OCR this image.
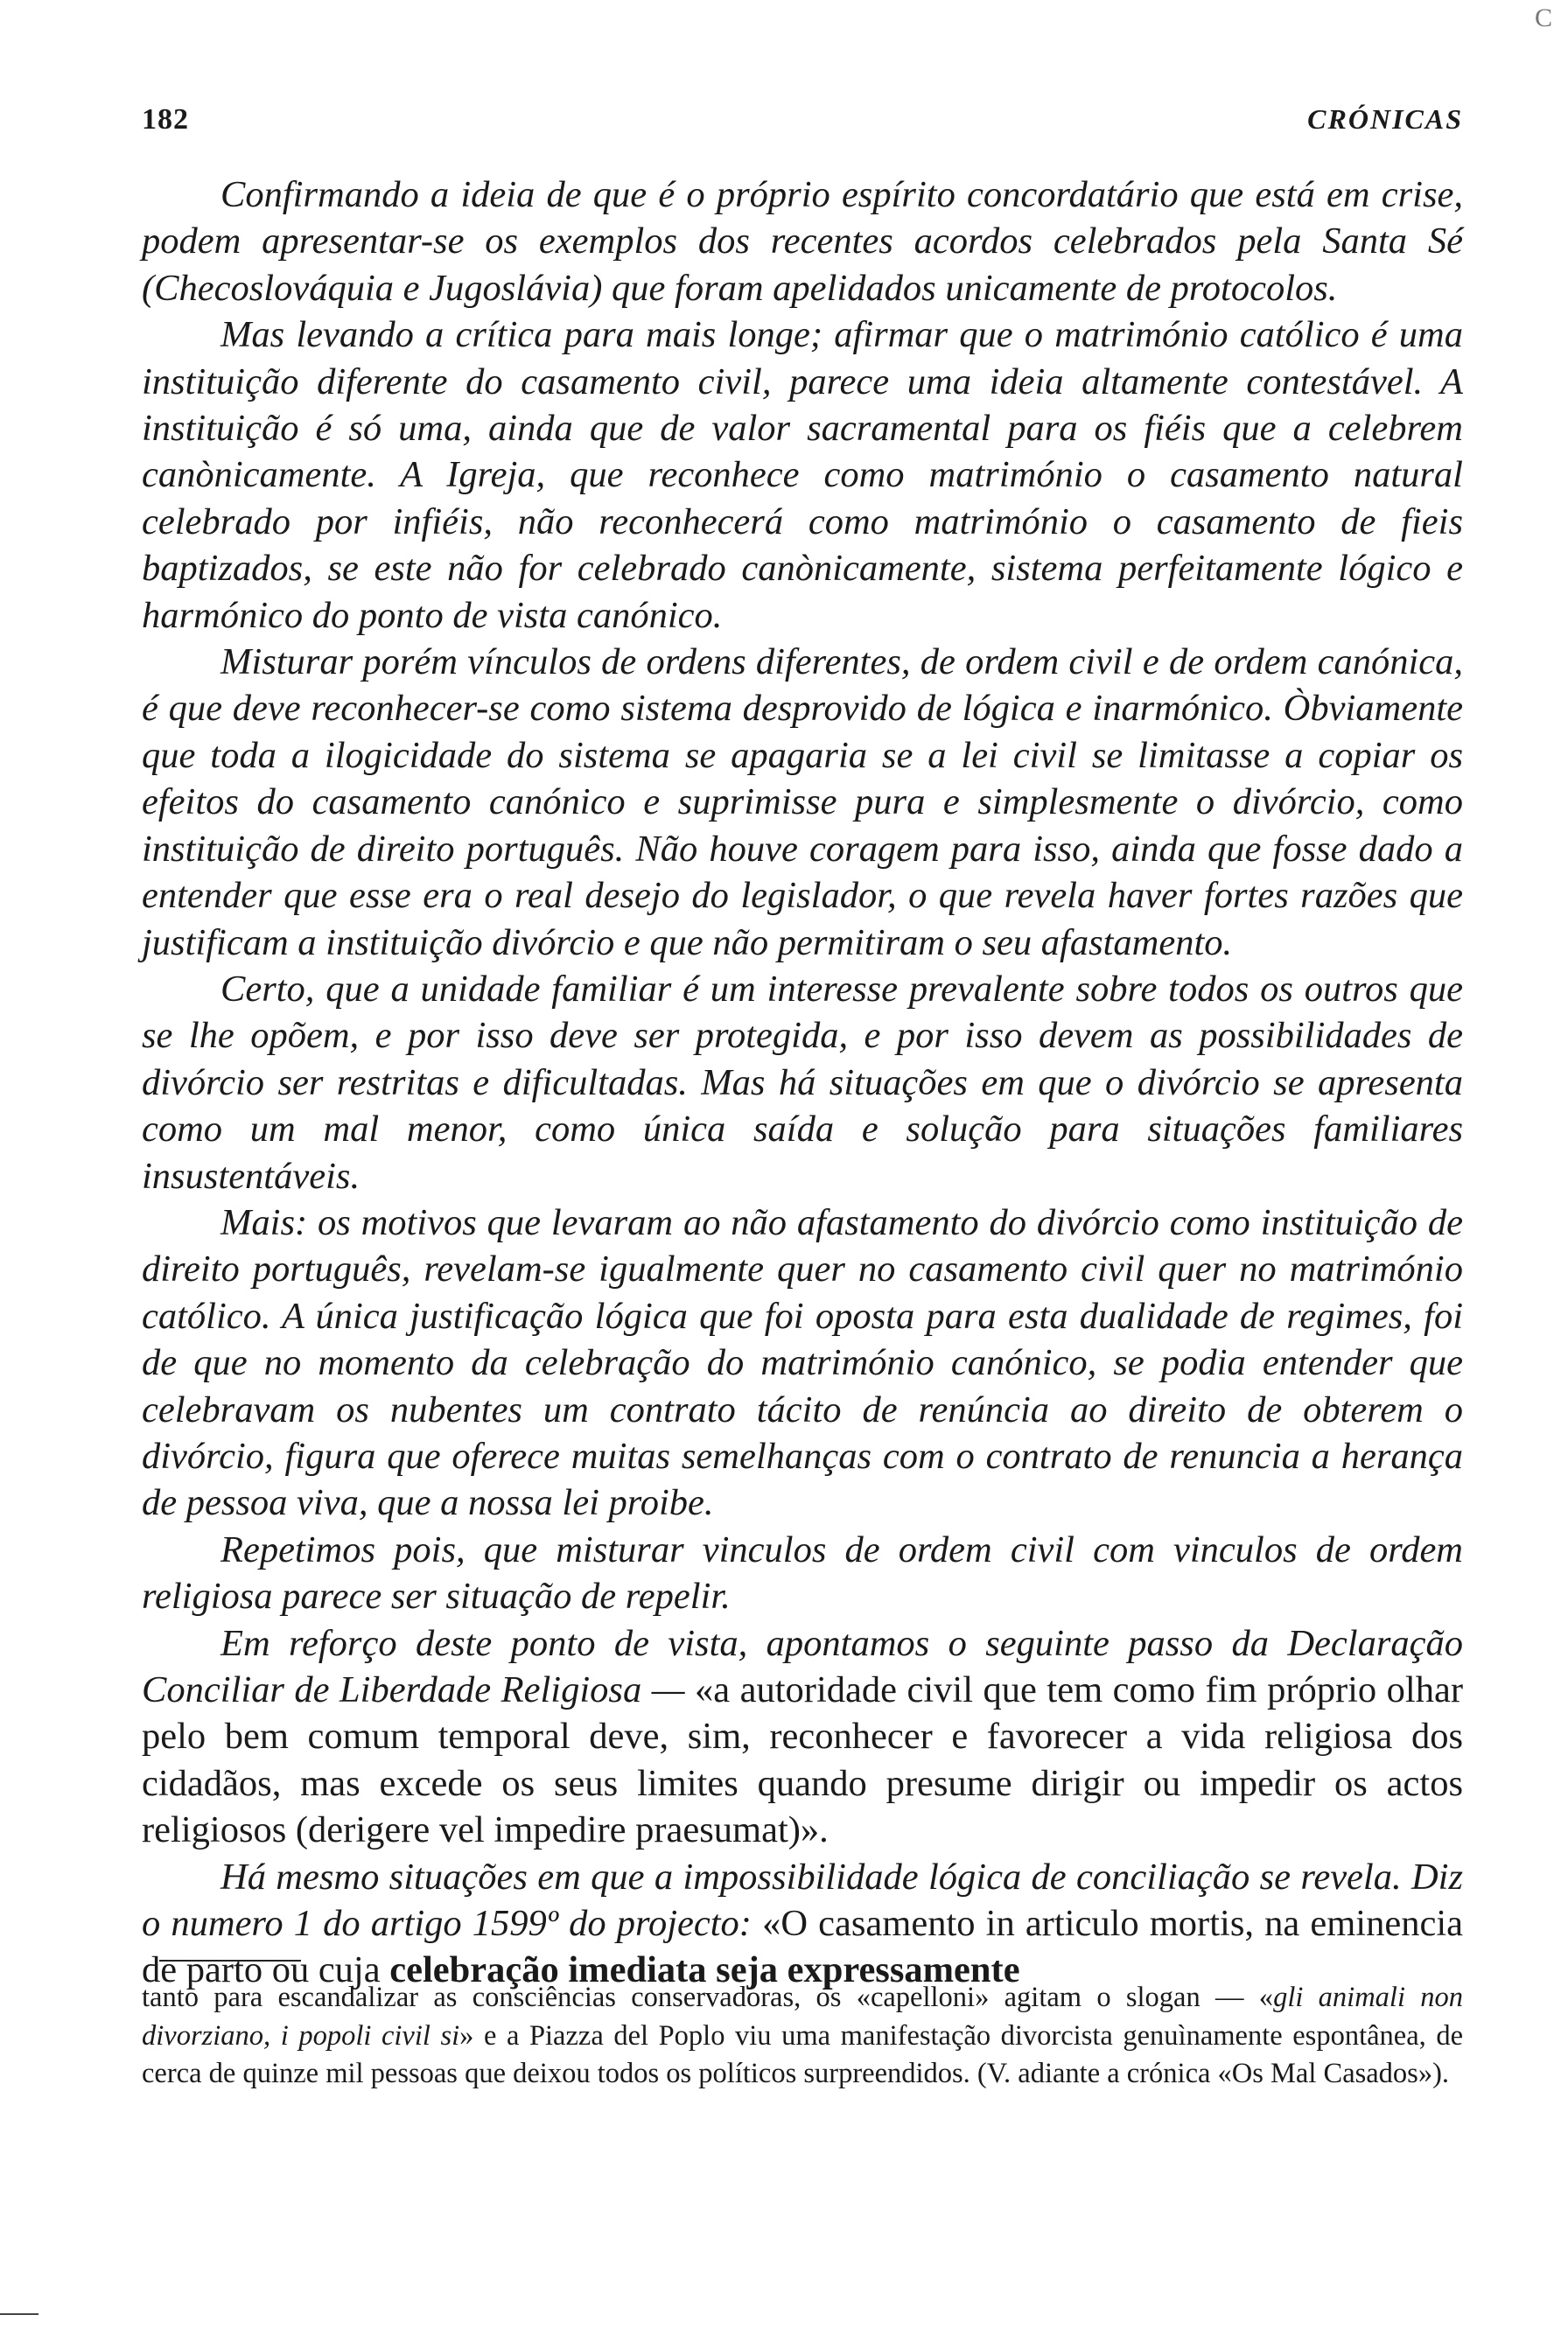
182	CRÓNICAS
C

Confirmando a ideia de que é o próprio espírito concordatário que está em crise, podem apresentar-se os exemplos dos recentes acordos celebrados pela Santa Sé (Checoslováquia e Jugoslávia) que foram apelidados unicamente de protocolos.

Mas levando a crítica para mais longe; afirmar que o matrimónio católico é uma instituição diferente do casamento civil, parece uma ideia altamente contestável. A instituição é só uma, ainda que de valor sacramental para os fiéis que a celebrem canònicamente. A Igreja, que reconhece como matrimónio o casamento natural celebrado por infiéis, não reconhecerá como matrimónio o casamento de fieis baptizados, se este não for celebrado canònicamente, sistema perfeitamente lógico e harmónico do ponto de vista canónico.

Misturar porém vínculos de ordens diferentes, de ordem civil e de ordem canónica, é que deve reconhecer-se como sistema desprovido de lógica e inarmónico. Òbviamente que toda a ilogicidade do sistema se apagaria se a lei civil se limitasse a copiar os efeitos do casamento canónico e suprimisse pura e simplesmente o divórcio, como instituição de direito português. Não houve coragem para isso, ainda que fosse dado a entender que esse era o real desejo do legislador, o que revela haver fortes razões que justificam a instituição divórcio e que não permitiram o seu afastamento.

Certo, que a unidade familiar é um interesse prevalente sobre todos os outros que se lhe opõem, e por isso deve ser protegida, e por isso devem as possibilidades de divórcio ser restritas e dificultadas. Mas há situações em que o divórcio se apresenta como um mal menor, como única saída e solução para situações familiares insustentáveis.

Mais: os motivos que levaram ao não afastamento do divórcio como instituição de direito português, revelam-se igualmente quer no casamento civil quer no matrimónio católico. A única justificação lógica que foi oposta para esta dualidade de regimes, foi de que no momento da celebração do matrimónio canónico, se podia entender que celebravam os nubentes um contrato tácito de renúncia ao direito de obterem o divórcio, figura que oferece muitas semelhanças com o contrato de renuncia a herança de pessoa viva, que a nossa lei proibe.

Repetimos pois, que misturar vinculos de ordem civil com vinculos de ordem religiosa parece ser situação de repelir.

Em reforço deste ponto de vista, apontamos o seguinte passo da Declaração Conciliar de Liberdade Religiosa — «a autoridade civil que tem como fim próprio olhar pelo bem comum temporal deve, sim, reconhecer e favorecer a vida religiosa dos cidadãos, mas excede os seus limites quando presume dirigir ou impedir os actos religiosos (derigere vel impedire praesumat)».

Há mesmo situações em que a impossibilidade lógica de conciliação se revela. Diz o numero 1 do artigo 1599º do projecto: «O casamento in articulo mortis, na eminencia de parto ou cuja celebração imediata seja expressamente

tanto para escandalizar as consciências conservadoras, os «capelloni» agitam o slogan — «gli animali non divorziano, i popoli civil si» e a Piazza del Poplo viu uma manifestação divorcista genuìnamente espontânea, de cerca de quinze mil pessoas que deixou todos os políticos surpreendidos. (V. adiante a crónica «Os Mal Casados»).
